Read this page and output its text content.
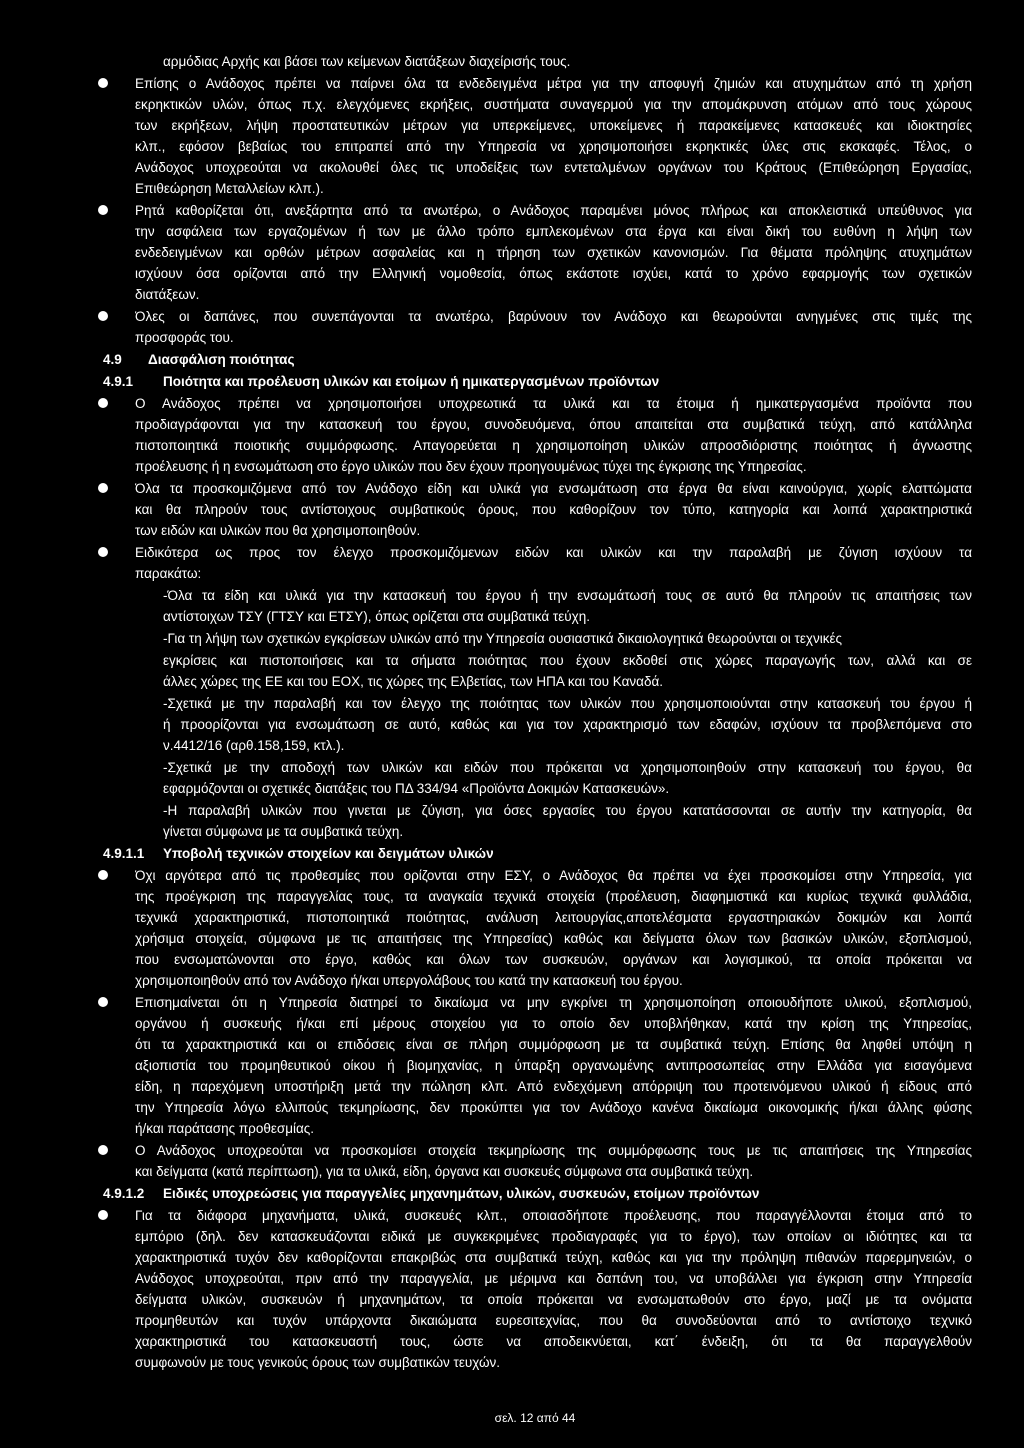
αρμόδιας Αρχής και βάσει των κείμενων διατάξεων διαχείρισής τους.
Επίσης ο Ανάδοχος πρέπει να παίρνει όλα τα ενδεδειγμένα μέτρα για την αποφυγή ζημιών και ατυχημάτων από τη χρήση
εκρηκτικών υλών, όπως π.χ. ελεγχόμενες εκρήξεις, συστήματα συναγερμού για την απομάκρυνση ατόμων από τους χώρους
των εκρήξεων, λήψη προστατευτικών μέτρων για υπερκείμενες, υποκείμενες ή παρακείμενες κατασκευές και ιδιοκτησίες
κλπ., εφόσον βεβαίως του επιτραπεί από την Υπηρεσία να χρησιμοποιήσει εκρηκτικές ύλες στις εκσκαφές. Τέλος, ο
Ανάδοχος υποχρεούται να ακολουθεί όλες τις υποδείξεις των εντεταλμένων οργάνων του Κράτους (Επιθεώρηση Εργασίας,
Επιθεώρηση Μεταλλείων κλπ.).
Ρητά καθορίζεται ότι, ανεξάρτητα από τα ανωτέρω, ο Ανάδοχος παραμένει μόνος πλήρως και αποκλειστικά υπεύθυνος για
την ασφάλεια των εργαζομένων ή των με άλλο τρόπο εμπλεκομένων στα έργα και είναι δική του ευθύνη η λήψη των
ενδεδειγμένων και ορθών μέτρων ασφαλείας και η τήρηση των σχετικών κανονισμών. Για θέματα πρόληψης ατυχημάτων
ισχύουν όσα ορίζονται από την Ελληνική νομοθεσία, όπως εκάστοτε ισχύει, κατά το χρόνο εφαρμογής των σχετικών
διατάξεων.
Όλες οι δαπάνες, που συνεπάγονται τα ανωτέρω, βαρύνουν τον Ανάδοχο και θεωρούνται ανηγμένες στις τιμές της
προσφοράς του.
4.9 Διασφάλιση ποιότητας
4.9.1 Ποιότητα και προέλευση υλικών και ετοίμων ή ημικατεργασμένων προϊόντων
Ο Ανάδοχος πρέπει να χρησιμοποιήσει υποχρεωτικά τα υλικά και τα έτοιμα ή ημικατεργασμένα προϊόντα που
προδιαγράφονται για την κατασκευή του έργου, συνοδευόμενα, όπου απαιτείται στα συμβατικά τεύχη, από κατάλληλα
πιστοποιητικά ποιοτικής συμμόρφωσης. Απαγορεύεται η χρησιμοποίηση υλικών απροσδιόριστης ποιότητας ή άγνωστης
προέλευσης ή η ενσωμάτωση στο έργο υλικών που δεν έχουν προηγουμένως τύχει της έγκρισης της Υπηρεσίας.
Όλα τα προσκομιζόμενα από τον Ανάδοχο είδη και υλικά για ενσωμάτωση στα έργα θα είναι καινούργια, χωρίς ελαττώματα
και θα πληρούν τους αντίστοιχους συμβατικούς όρους, που καθορίζουν τον τύπο, κατηγορία και λοιπά χαρακτηριστικά
των ειδών και υλικών που θα χρησιμοποιηθούν.
Ειδικότερα ως προς τον έλεγχο προσκομιζόμενων ειδών και υλικών και την παραλαβή με ζύγιση ισχύουν τα
παρακάτω:
-Όλα τα είδη και υλικά για την κατασκευή του έργου ή την ενσωμάτωσή τους σε αυτό θα πληρούν τις απαιτήσεις των
αντίστοιχων ΤΣΥ (ΓΤΣΥ και ΕΤΣΥ), όπως ορίζεται στα συμβατικά τεύχη.
-Για τη λήψη των σχετικών εγκρίσεων υλικών από την Υπηρεσία ουσιαστικά δικαιολογητικά θεωρούνται οι τεχνικές
εγκρίσεις και πιστοποιήσεις και τα σήματα ποιότητας που έχουν εκδοθεί στις χώρες παραγωγής των, αλλά και σε
άλλες χώρες της ΕΕ και του ΕΟΧ, τις χώρες της Ελβετίας, των ΗΠΑ και του Καναδά.
-Σχετικά με την παραλαβή και τον έλεγχο της ποιότητας των υλικών που χρησιμοποιούνται στην κατασκευή του έργου ή
ή προορίζονται για ενσωμάτωση σε αυτό, καθώς και για τον χαρακτηρισμό των εδαφών, ισχύουν τα προβλεπόμενα στο
ν.4412/16 (αρθ.158,159, κτλ.).
-Σχετικά με την αποδοχή των υλικών και ειδών που πρόκειται να χρησιμοποιηθούν στην κατασκευή του έργου, θα
εφαρμόζονται οι σχετικές διατάξεις του ΠΔ 334/94 «Προϊόντα Δοκιμών Κατασκευών».
-Η παραλαβή υλικών που γινεται με ζύγιση, για όσες εργασίες του έργου κατατάσσονται σε αυτήν την κατηγορία, θα
γίνεται σύμφωνα με τα συμβατικά τεύχη.
4.9.1.1 Υποβολή τεχνικών στοιχείων και δειγμάτων υλικών
Όχι αργότερα από τις προθεσμίες που ορίζονται στην ΕΣΥ, ο Ανάδοχος θα πρέπει να έχει προσκομίσει στην Υπηρεσία, για
της προέγκριση της παραγγελίας τους, τα αναγκαία τεχνικά στοιχεία (προέλευση, διαφημιστικά και κυρίως τεχνικά φυλλάδια,
τεχνικά χαρακτηριστικά, πιστοποιητικά ποιότητας, ανάλυση λειτουργίας,αποτελέσματα εργαστηριακών δοκιμών και λοιπά
χρήσιμα στοιχεία, σύμφωνα με τις απαιτήσεις της Υπηρεσίας) καθώς και δείγματα όλων των βασικών υλικών, εξοπλισμού,
που ενσωματώνονται στο έργο, καθώς και όλων των συσκευών, οργάνων και λογισμικού, τα οποία πρόκειται να
χρησιμοποιηθούν από τον Ανάδοχο ή/και υπεργολάβους του κατά την κατασκευή του έργου.
Επισημαίνεται ότι η Υπηρεσία διατηρεί το δικαίωμα να μην εγκρίνει τη χρησιμοποίηση οποιουδήποτε υλικού, εξοπλισμού,
οργάνου ή συσκευής ή/και επί μέρους στοιχείου για το οποίο δεν υποβλήθηκαν, κατά την κρίση της Υπηρεσίας,
ότι τα χαρακτηριστικά και οι επιδόσεις είναι σε πλήρη συμμόρφωση με τα συμβατικά τεύχη. Επίσης θα ληφθεί υπόψη η
αξιοπιστία του προμηθευτικού οίκου ή βιομηχανίας, η ύπαρξη οργανωμένης αντιπροσωπείας στην Ελλάδα για εισαγόμενα
είδη, η παρεχόμενη υποστήριξη μετά την πώληση κλπ. Από ενδεχόμενη απόρριψη του προτεινόμενου υλικού ή είδους από
την Υπηρεσία λόγω ελλιπούς τεκμηρίωσης, δεν προκύπτει για τον Ανάδοχο κανένα δικαίωμα οικονομικής ή/και άλλης φύσης
ή/και παράτασης προθεσμίας.
Ο Ανάδοχος υποχρεούται να προσκομίσει στοιχεία τεκμηρίωσης της συμμόρφωσης τους με τις απαιτήσεις της Υπηρεσίας
και δείγματα (κατά περίπτωση), για τα υλικά, είδη, όργανα και συσκευές σύμφωνα στα συμβατικά τεύχη.
4.9.1.2 Ειδικές υποχρεώσεις για παραγγελίες μηχανημάτων, υλικών, συσκευών, ετοίμων προϊόντων
Για τα διάφορα μηχανήματα, υλικά, συσκευές κλπ., οποιασδήποτε προέλευσης, που παραγγέλλονται έτοιμα από το
εμπόριο (δηλ. δεν κατασκευάζονται ειδικά με συγκεκριμένες προδιαγραφές για το έργο), των οποίων οι ιδιότητες και τα
χαρακτηριστικά τυχόν δεν καθορίζονται επακριβώς στα συμβατικά τεύχη, καθώς και για την πρόληψη πιθανών παρερμηνειών, ο
Ανάδοχος υποχρεούται, πριν από την παραγγελία, με μέριμνα και δαπάνη του, να υποβάλλει για έγκριση στην Υπηρεσία
δείγματα υλικών, συσκευών ή μηχανημάτων, τα οποία πρόκειται να ενσωματωθούν στο έργο, μαζί με τα ονόματα
προμηθευτών και τυχόν υπάρχοντα δικαιώματα ευρεσιτεχνίας, που θα συνοδεύονται από το αντίστοιχο τεχνικό
χαρακτηριστικά του κατασκευαστή τους, ώστε να αποδεικνύεται, κατ΄ ένδειξη, ότι τα θα παραγγελθούν
συμφωνούν με τους γενικούς όρους των συμβατικών τευχών.
σελ. 12 από 44
